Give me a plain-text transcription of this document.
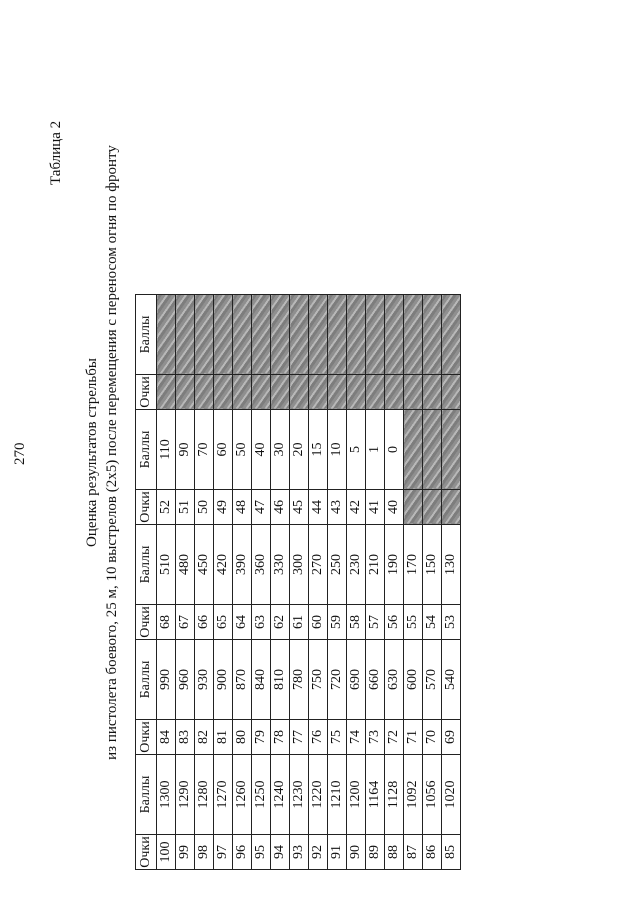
270
Таблица 2
Оценка результатов стрельбы из пистолета боевого, 25 м, 10 выстрелов (2х5) после перемещения с переносом огня по фронту
Очки	Баллы	Очки	Баллы	Очки	Баллы	Очки	Баллы	Очки	Баллы
100	1300	84	990	68	510	52	110		
99	1290	83	960	67	480	51	90		
98	1280	82	930	66	450	50	70		
97	1270	81	900	65	420	49	60		
96	1260	80	870	64	390	48	50		
95	1250	79	840	63	360	47	40		
94	1240	78	810	62	330	46	30		
93	1230	77	780	61	300	45	20		
92	1220	76	750	60	270	44	15		
91	1210	75	720	59	250	43	10		
90	1200	74	690	58	230	42	5		
89	1164	73	660	57	210	41	1		
88	1128	72	630	56	190	40	0		
87	1092	71	600	55	170				
86	1056	70	570	54	150				
85	1020	69	540	53	130				
